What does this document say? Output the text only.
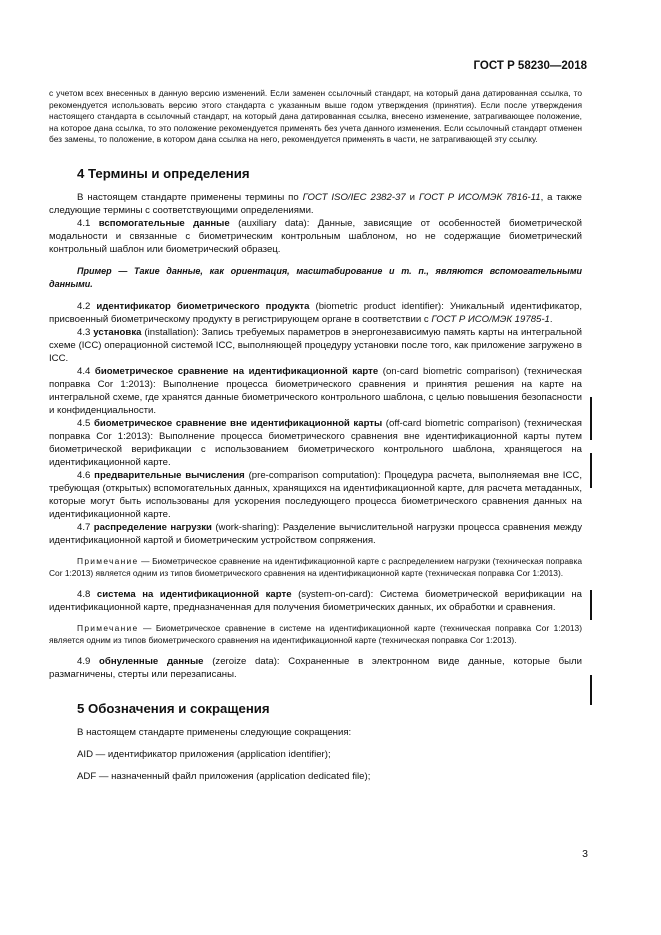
ГОСТ Р 58230—2018

с учетом всех внесенных в данную версию изменений. Если заменен ссылочный стандарт, на который дана датированная ссылка, то рекомендуется использовать версию этого стандарта с указанным выше годом утверждения (принятия). Если после утверждения настоящего стандарта в ссылочный стандарт, на который дана датированная ссылка, внесено изменение, затрагивающее положение, на которое дана ссылка, то это положение рекомендуется применять без учета данного изменения. Если ссылочный стандарт отменен без замены, то положение, в котором дана ссылка на него, рекомендуется применять в части, не затрагивающей эту ссылку.

4 Термины и определения

В настоящем стандарте применены термины по ГОСТ ISO/IEC 2382-37 и ГОСТ Р ИСО/МЭК 7816-11, а также следующие термины с соответствующими определениями.

4.1 вспомогательные данные (auxiliary data): Данные, зависящие от особенностей биометрической модальности и связанные с биометрическим контрольным шаблоном, но не содержащие биометрический контрольный шаблон или биометрический образец.

Пример — Такие данные, как ориентация, масштабирование и т. п., являются вспомогательными данными.

4.2 идентификатор биометрического продукта (biometric product identifier): Уникальный идентификатор, присвоенный биометрическому продукту в регистрирующем органе в соответствии с ГОСТ Р ИСО/МЭК 19785-1.

4.3 установка (installation): Запись требуемых параметров в энергонезависимую память карты на интегральной схеме (ICC) операционной системой ICC, выполняющей процедуру установки после того, как приложение загружено в ICC.

4.4 биометрическое сравнение на идентификационной карте (on-card biometric comparison) (техническая поправка Cor 1:2013): Выполнение процесса биометрического сравнения и принятия решения на карте на интегральной схеме, где хранятся данные биометрического контрольного шаблона, с целью повышения безопасности и конфиденциальности.

4.5 биометрическое сравнение вне идентификационной карты (off-card biometric comparison) (техническая поправка Cor 1:2013): Выполнение процесса биометрического сравнения вне идентификационной карты путем биометрической верификации с использованием биометрического контрольного шаблона, хранящегося на идентификационной карте.

4.6 предварительные вычисления (pre-comparison computation): Процедура расчета, выполняемая вне ICC, требующая (открытых) вспомогательных данных, хранящихся на идентификационной карте, для расчета метаданных, которые могут быть использованы для ускорения последующего процесса биометрического сравнения данных на идентификационной карте.

4.7 распределение нагрузки (work-sharing): Разделение вычислительной нагрузки процесса сравнения между идентификационной картой и биометрическим устройством сопряжения.

Примечание — Биометрическое сравнение на идентификационной карте с распределением нагрузки (техническая поправка Cor 1:2013) является одним из типов биометрического сравнения на идентификационной карте (техническая поправка Cor 1:2013).

4.8 система на идентификационной карте (system-on-card): Система биометрической верификации на идентификационной карте, предназначенная для получения биометрических данных, их обработки и сравнения.

Примечание — Биометрическое сравнение в системе на идентификационной карте (техническая поправка Cor 1:2013) является одним из типов биометрического сравнения на идентификационной карте (техническая поправка Cor 1:2013).

4.9 обнуленные данные (zeroize data): Сохраненные в электронном виде данные, которые были размагничены, стерты или перезаписаны.

5 Обозначения и сокращения

В настоящем стандарте применены следующие сокращения:

AID — идентификатор приложения (application identifier);

ADF — назначенный файл приложения (application dedicated file);

3
